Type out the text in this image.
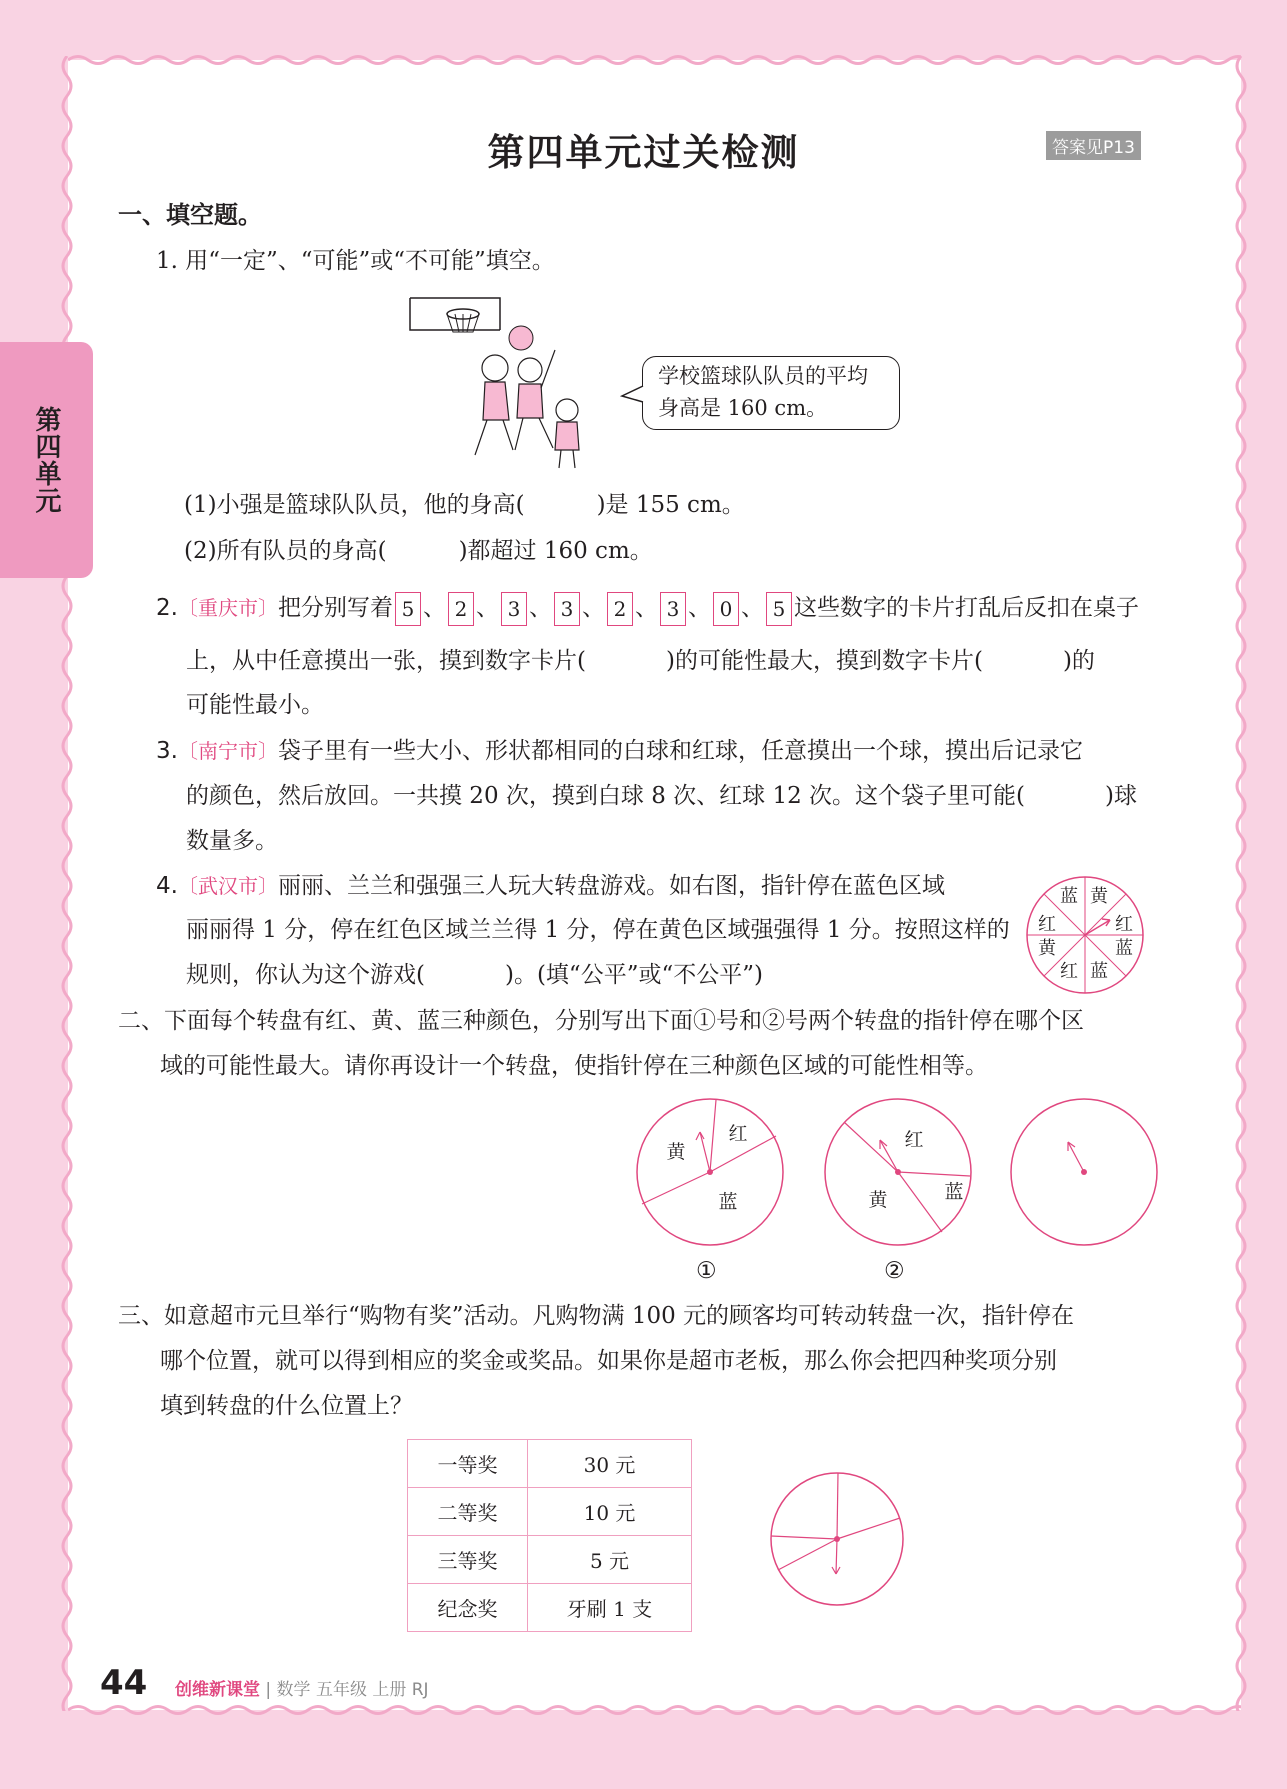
第四单元
第四单元过关检测	答案见P13
一、填空题。
1. 用“一定”、“可能”或“不可能”填空。
学校篮球队队员的平均
身高是 160 cm。
(1)小强是篮球队队员，他的身高(	)是 155 cm。
(2)所有队员的身高(	)都超过 160 cm。
2.〔重庆市〕把分别写着 5 、 2 、 3 、 3 、 2 、 3 、 0 、 5 这些数字的卡片打乱后反扣在桌子
上，从中任意摸出一张，摸到数字卡片(	)的可能性最大，摸到数字卡片(	)的
可能性最小。
3.〔南宁市〕袋子里有一些大小、形状都相同的白球和红球，任意摸出一个球，摸出后记录它
的颜色，然后放回。一共摸 20 次，摸到白球 8 次、红球 12 次。这个袋子里可能(	)球
数量多。
4.〔武汉市〕丽丽、兰兰和强强三人玩大转盘游戏。如右图，指针停在蓝色区域
丽丽得 1 分，停在红色区域兰兰得 1 分，停在黄色区域强强得 1 分。按照这样的
规则，你认为这个游戏(	)。(填“公平”或“不公平”)
蓝 黄
红	红
黄	蓝
红 蓝
二、下面每个转盘有红、黄、蓝三种颜色，分别写出下面①号和②号两个转盘的指针停在哪个区
域的可能性最大。请你再设计一个转盘，使指针停在三种颜色区域的可能性相等。
黄
红
蓝
①
红
黄	蓝
②
三、如意超市元旦举行“购物有奖”活动。凡购物满 100 元的顾客均可转动转盘一次，指针停在
哪个位置，就可以得到相应的奖金或奖品。如果你是超市老板，那么你会把四种奖项分别
填到转盘的什么位置上？
一等奖	30 元
二等奖	10 元
三等奖	5 元
纪念奖	牙刷 1 支
44 创维新课堂 | 数学 五年级 上册 RJ
